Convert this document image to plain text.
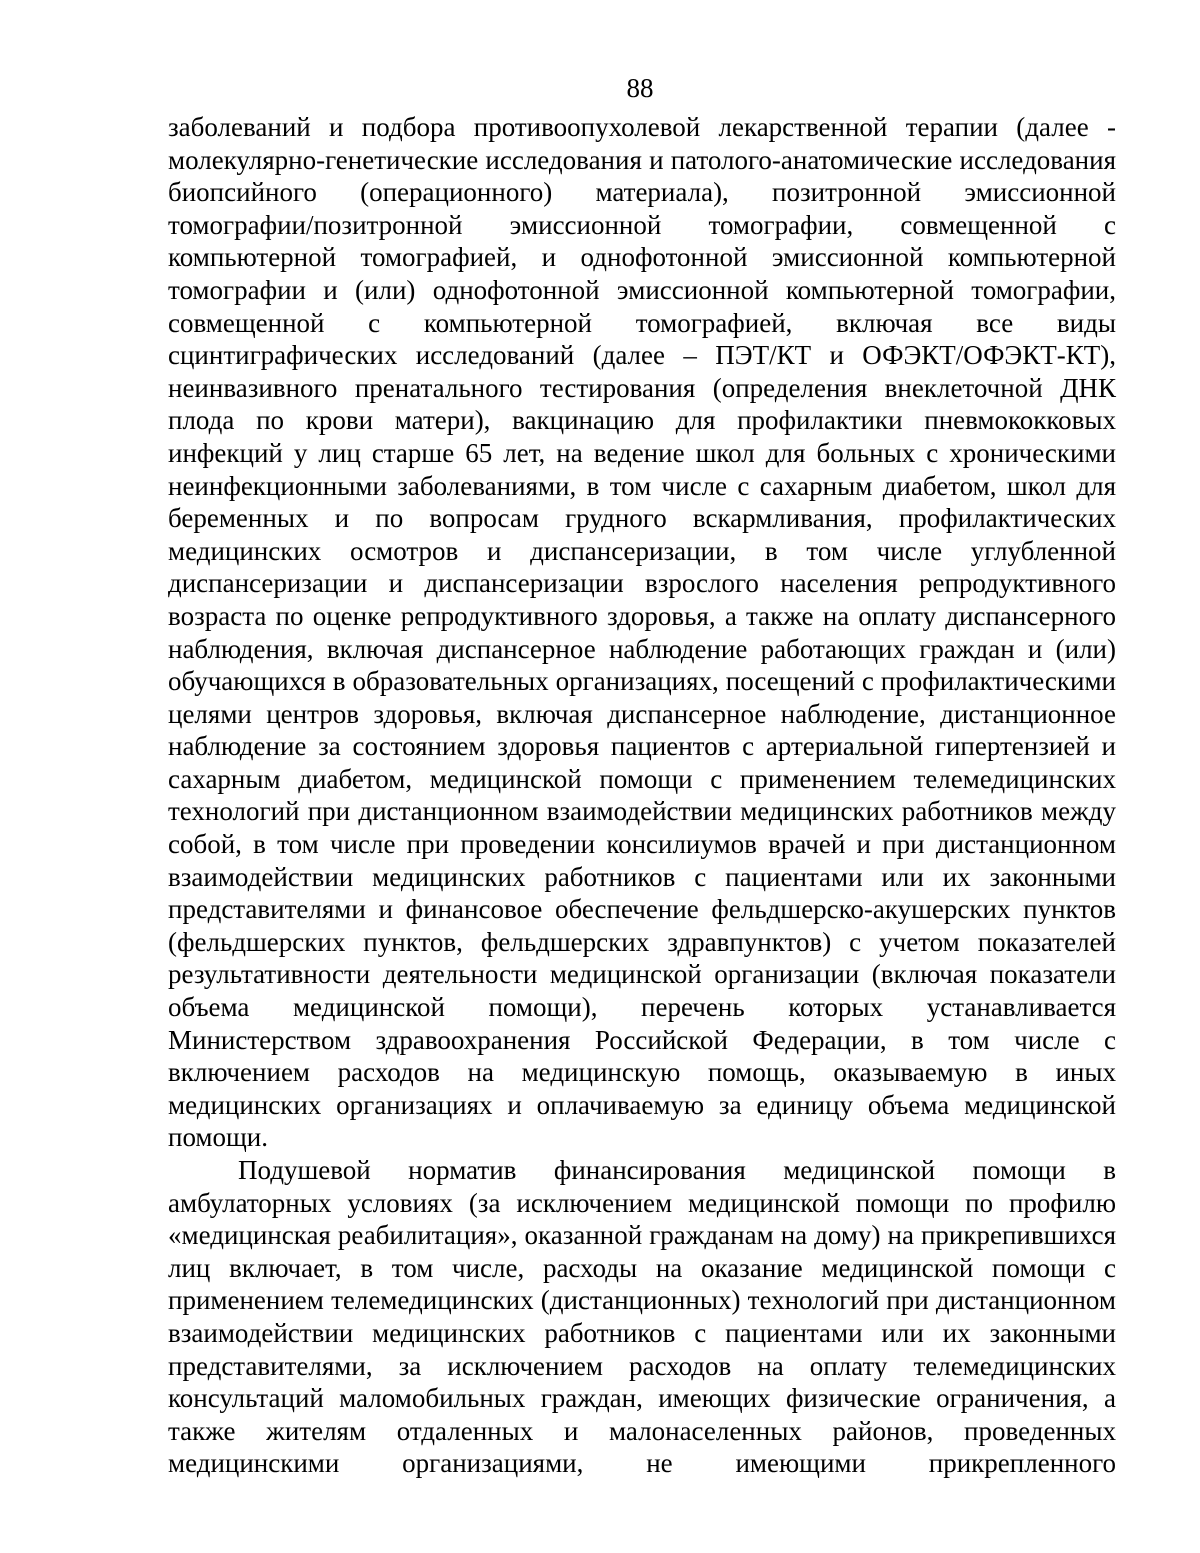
88

заболеваний и подбора противоопухолевой лекарственной терапии (далее - молекулярно-генетические исследования и патолого-анатомические исследования биопсийного (операционного) материала), позитронной эмиссионной томографии/позитронной эмиссионной томографии, совмещенной с компьютерной томографией, и однофотонной эмиссионной компьютерной томографии и (или) однофотонной эмиссионной компьютерной томографии, совмещенной с компьютерной томографией, включая все виды сцинтиграфических исследований (далее – ПЭТ/КТ и ОФЭКТ/ОФЭКТ-КТ), неинвазивного пренатального тестирования (определения внеклеточной ДНК плода по крови матери), вакцинацию для профилактики пневмококковых инфекций у лиц старше 65 лет, на ведение школ для больных с хроническими неинфекционными заболеваниями, в том числе с сахарным диабетом, школ для беременных и по вопросам грудного вскармливания, профилактических медицинских осмотров и диспансеризации, в том числе углубленной диспансеризации и диспансеризации взрослого населения репродуктивного возраста по оценке репродуктивного здоровья, а также на оплату диспансерного наблюдения, включая диспансерное наблюдение работающих граждан и (или) обучающихся в образовательных организациях, посещений с профилактическими целями центров здоровья, включая диспансерное наблюдение, дистанционное наблюдение за состоянием здоровья пациентов с артериальной гипертензией и сахарным диабетом, медицинской помощи с применением телемедицинских технологий при дистанционном взаимодействии медицинских работников между собой, в том числе при проведении консилиумов врачей и при дистанционном взаимодействии медицинских работников с пациентами или их законными представителями и финансовое обеспечение фельдшерско-акушерских пунктов (фельдшерских пунктов, фельдшерских здравпунктов) с учетом показателей результативности деятельности медицинской организации (включая показатели объема медицинской помощи), перечень которых устанавливается Министерством здравоохранения Российской Федерации, в том числе с включением расходов на медицинскую помощь, оказываемую в иных медицинских организациях и оплачиваемую за единицу объема медицинской помощи.

Подушевой норматив финансирования медицинской помощи в амбулаторных условиях (за исключением медицинской помощи по профилю «медицинская реабилитация», оказанной гражданам на дому) на прикрепившихся лиц включает, в том числе, расходы на оказание медицинской помощи с применением телемедицинских (дистанционных) технологий при дистанционном взаимодействии медицинских работников с пациентами или их законными представителями, за исключением расходов на оплату телемедицинских консультаций маломобильных граждан, имеющих физические ограничения, а также жителям отдаленных и малонаселенных районов, проведенных медицинскими организациями, не имеющими прикрепленного
